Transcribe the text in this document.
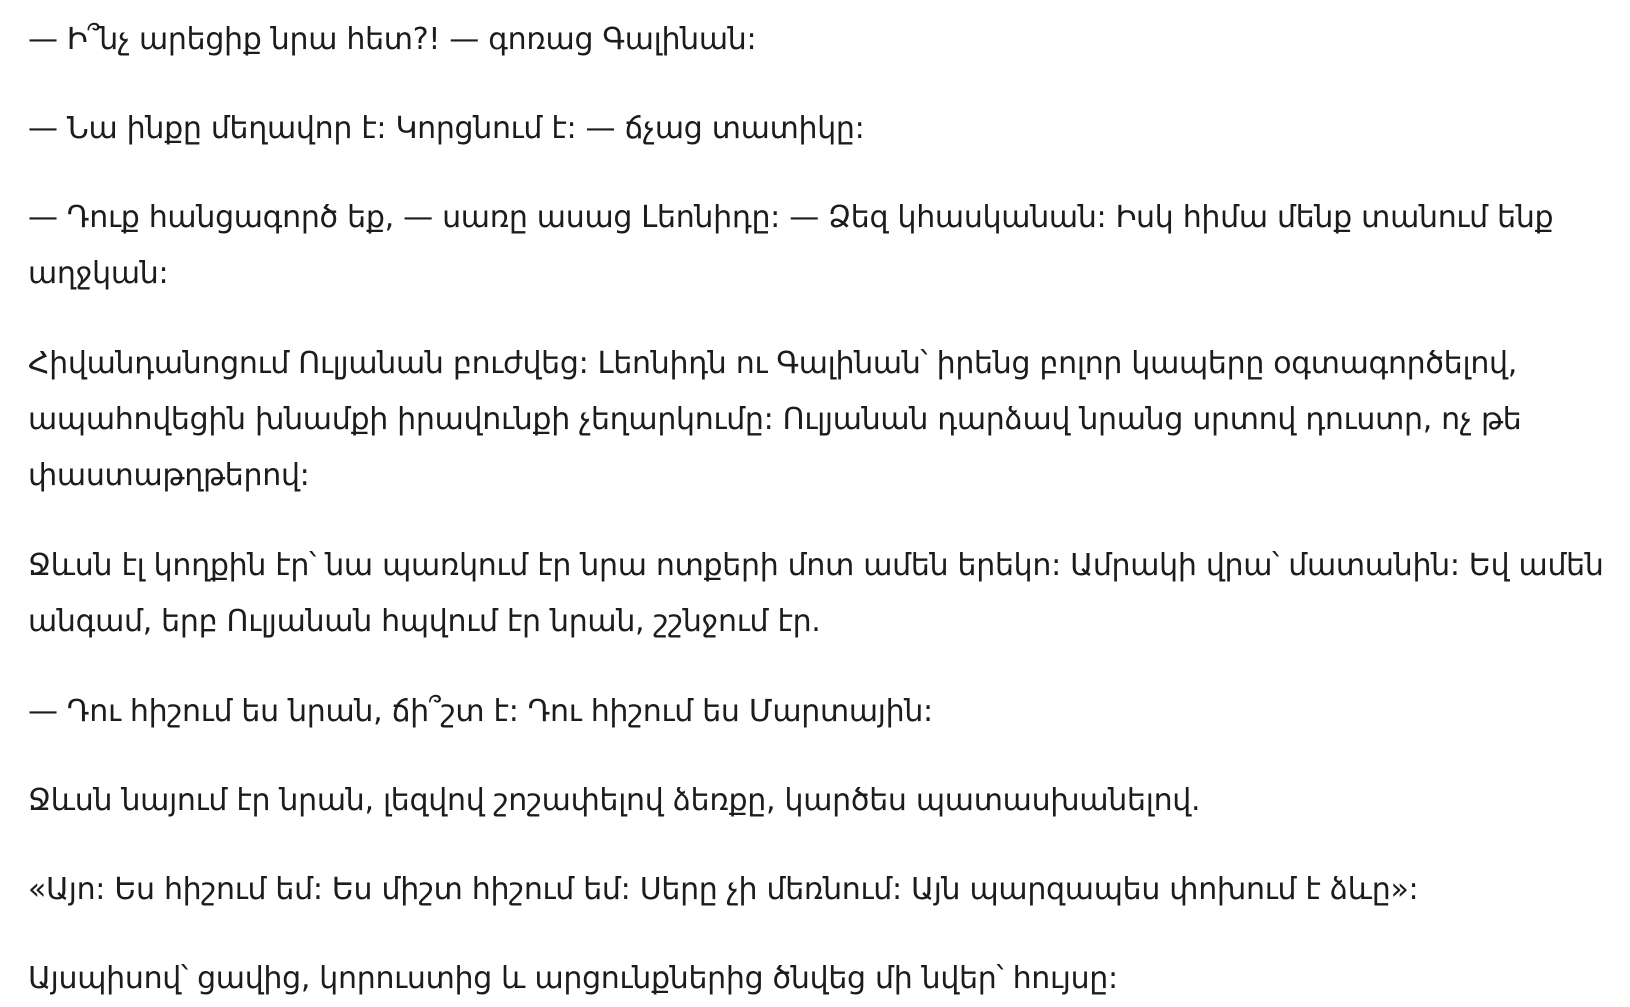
— Ի՞նչ արեցիք նրա հետ?! — գոռաց Գալինան:

— Նա ինքը մեղավոր է: Կորցնում է: — ճչաց տատիկը:

— Դուք հանցագործ եք, — սառը ասաց Լեոնիդը: — Ձեզ կհասկանան: Իսկ հիմա մենք տանում ենք
աղջկան:

Հիվանդանոցում Ուլյանան բուժվեց: Լեոնիդն ու Գալինան՝ իրենց բոլոր կապերը օգտագործելով,
ապահովեցին խնամքի իրավունքի չեղարկումը: Ուլյանան դարձավ նրանց սրտով դուստր, ոչ թե
փաստաթղթերով:

Ջևսն էլ կողքին էր՝ նա պառկում էր նրա ոտքերի մոտ ամեն երեկո: Ամրակի վրա՝ մատանին: Եվ ամեն
անգամ, երբ Ուլյանան հպվում էր նրան, շշնջում էր.

— Դու հիշում ես նրան, ճի՞շտ է: Դու հիշում ես Մարտային:

Ջևսն նայում էր նրան, լեզվով շոշափելով ձեռքը, կարծես պատասխանելով.

«Այո: Ես հիշում եմ: Ես միշտ հիշում եմ: Սերը չի մեռնում: Այն պարզապես փոխում է ձևը»:

Այսպիսով՝ ցավից, կորուստից և արցունքներից ծնվեց մի նվեր՝ հույսը:
